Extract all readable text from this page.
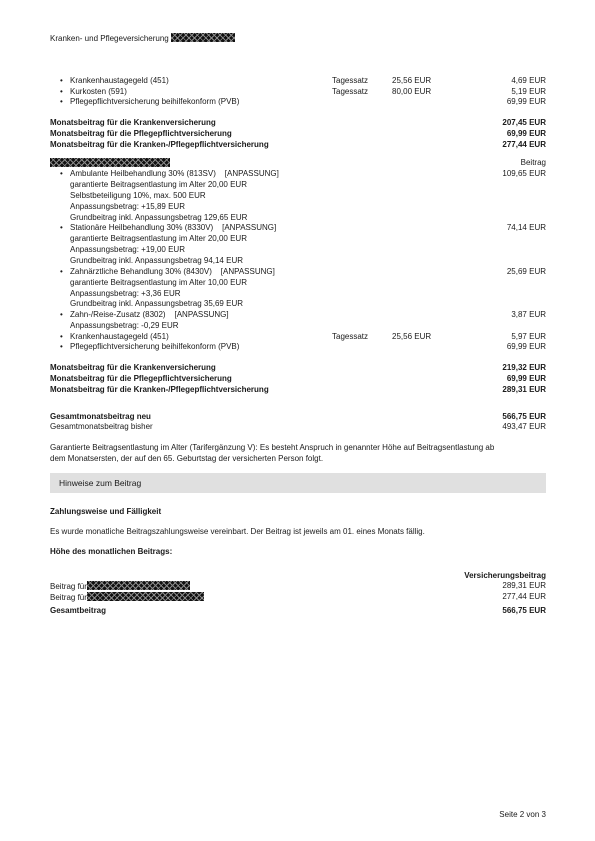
Kranken- und Pflegeversicherung
• Krankenhaustagegeld (451)	Tagessatz	25,56 EUR	4,69 EUR
• Kurkosten (591)	Tagessatz	80,00 EUR	5,19 EUR
• Pflegepflichtversicherung beihilfekonform (PVB)	69,99 EUR
Monatsbeitrag für die Krankenversicherung	207,45 EUR
Monatsbeitrag für die Pflegepflichtversicherung	69,99 EUR
Monatsbeitrag für die Kranken-/Pflegepflichtversicherung	277,44 EUR
Beitrag
• Ambulante Heilbehandlung 30% (813SV) [ANPASSUNG]	109,65 EUR
garantierte Beitragsentlastung im Alter 20,00 EUR
Selbstbeteiligung 10%, max. 500 EUR
Anpassungsbetrag: +15,89 EUR
Grundbeitrag inkl. Anpassungsbetrag 129,65 EUR
• Stationäre Heilbehandlung 30% (8330V) [ANPASSUNG]	74,14 EUR
garantierte Beitragsentlastung im Alter 20,00 EUR
Anpassungsbetrag: +19,00 EUR
Grundbeitrag inkl. Anpassungsbetrag 94,14 EUR
• Zahnärztliche Behandlung 30% (8430V) [ANPASSUNG]	25,69 EUR
garantierte Beitragsentlastung im Alter 10,00 EUR
Anpassungsbetrag: +3,36 EUR
Grundbeitrag inkl. Anpassungsbetrag 35,69 EUR
• Zahn-/Reise-Zusatz (8302) [ANPASSUNG]	3,87 EUR
Anpassungsbetrag: -0,29 EUR
• Krankenhaustagegeld (451)	Tagessatz	25,56 EUR	5,97 EUR
• Pflegepflichtversicherung beihilfekonform (PVB)	69,99 EUR
Monatsbeitrag für die Krankenversicherung	219,32 EUR
Monatsbeitrag für die Pflegepflichtversicherung	69,99 EUR
Monatsbeitrag für die Kranken-/Pflegepflichtversicherung	289,31 EUR
Gesamtmonatsbeitrag neu	566,75 EUR
Gesamtmonatsbeitrag bisher	493,47 EUR
Garantierte Beitragsentlastung im Alter (Tarifergänzung V): Es besteht Anspruch in genannter Höhe auf Beitragsentlastung ab
dem Monatsersten, der auf den 65. Geburtstag der versicherten Person folgt.
Hinweise zum Beitrag
Zahlungsweise und Fälligkeit
Es wurde monatliche Beitragszahlungsweise vereinbart. Der Beitrag ist jeweils am 01. eines Monats fällig.
Höhe des monatlichen Beitrags:
Versicherungsbeitrag
Beitrag für	289,31 EUR
Beitrag für	277,44 EUR
Gesamtbeitrag	566,75 EUR
Seite 2 von 3
